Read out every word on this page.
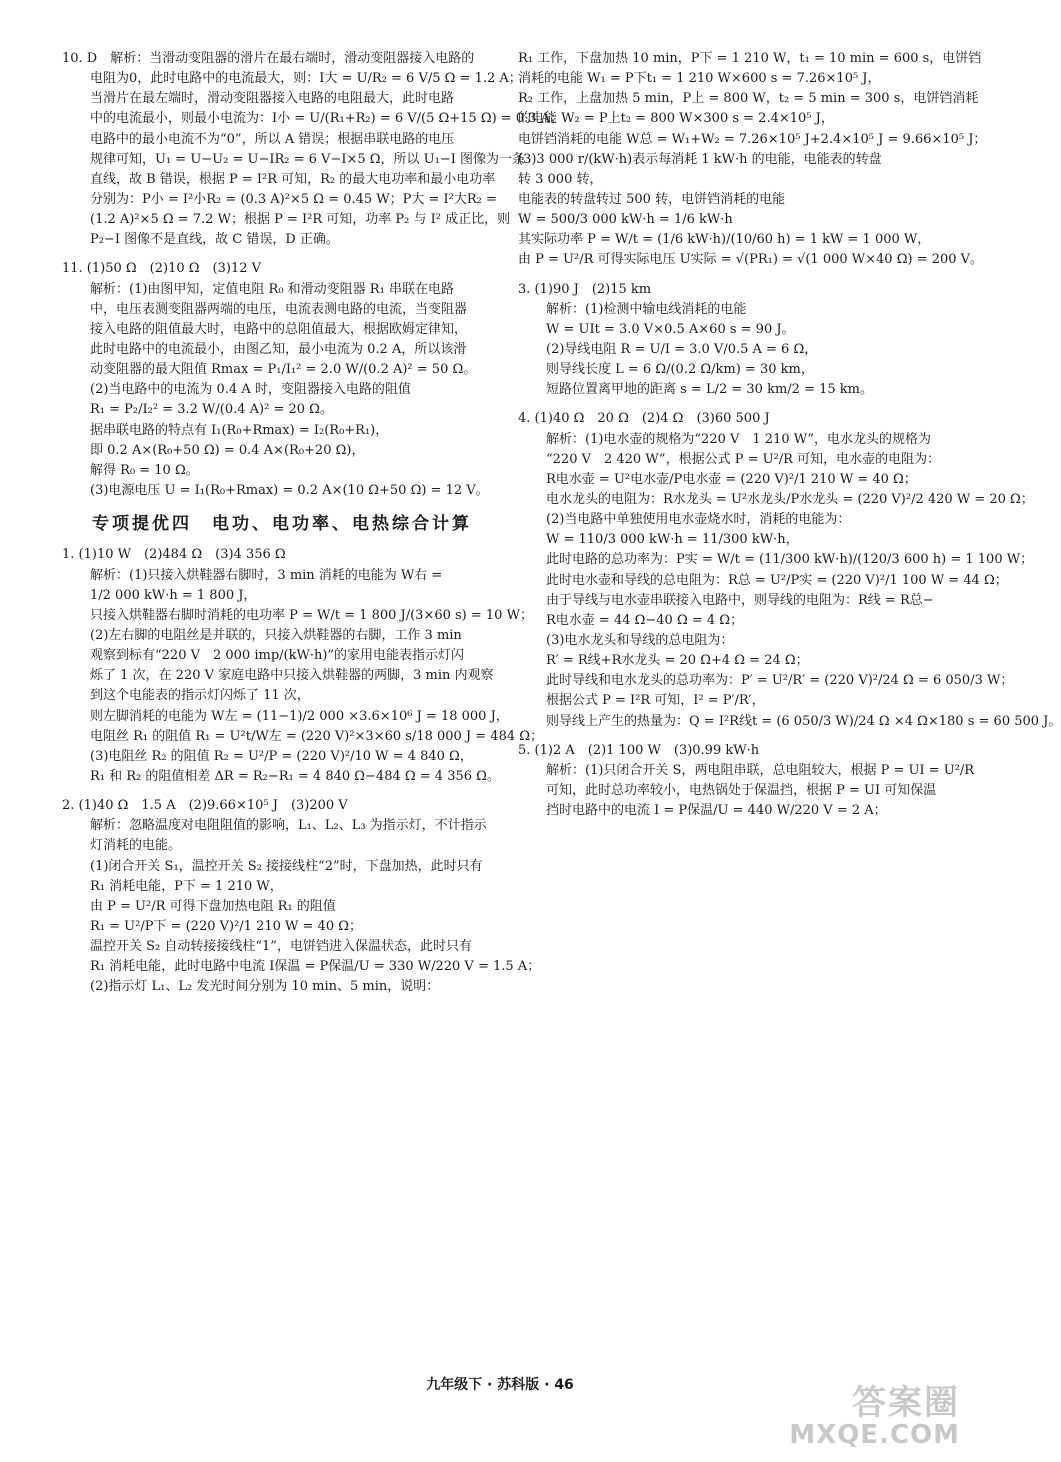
10. D　解析：当滑动变阻器的滑片在最右端时，滑动变阻器接入电路的

电阻为0，此时电路中的电流最大，则：I大 = U/R₂ = 6 V/5 Ω = 1.2 A；

当滑片在最左端时，滑动变阻器接入电路的电阻最大，此时电路

中的电流最小，则最小电流为：I小 = U/(R₁+R₂) = 6 V/(5 Ω+15 Ω) = 0.3 A；

电路中的最小电流不为“0”，所以 A 错误；根据串联电路的电压

规律可知，U₁ = U−U₂ = U−IR₂ = 6 V−I×5 Ω，所以 U₁−I 图像为一条

直线，故 B 错误，根据 P = I²R 可知，R₂ 的最大电功率和最小电功率

分别为：P小 = I²小R₂ = (0.3 A)²×5 Ω = 0.45 W；P大 = I²大R₂ =

(1.2 A)²×5 Ω = 7.2 W；根据 P = I²R 可知，功率 P₂ 与 I² 成正比，则

P₂−I 图像不是直线，故 C 错误，D 正确。

11. (1)50 Ω　(2)10 Ω　(3)12 V

解析：(1)由图甲知，定值电阻 R₀ 和滑动变阻器 R₁ 串联在电路

中，电压表测变阻器两端的电压，电流表测电路的电流，当变阻器

接入电路的阻值最大时，电路中的总阻值最大，根据欧姆定律知，

此时电路中的电流最小，由图乙知，最小电流为 0.2 A，所以该滑

动变阻器的最大阻值 Rmax = P₁/I₁² = 2.0 W/(0.2 A)² = 50 Ω。

(2)当电路中的电流为 0.4 A 时，变阻器接入电路的阻值

R₁ = P₂/I₂² = 3.2 W/(0.4 A)² = 20 Ω。

据串联电路的特点有 I₁(R₀+Rmax) = I₂(R₀+R₁)，

即 0.2 A×(R₀+50 Ω) = 0.4 A×(R₀+20 Ω)，

解得 R₀ = 10 Ω。

(3)电源电压 U = I₁(R₀+Rmax) = 0.2 A×(10 Ω+50 Ω) = 12 V。

专项提优四　电功、电功率、电热综合计算

1. (1)10 W　(2)484 Ω　(3)4 356 Ω

解析：(1)只接入烘鞋器右脚时，3 min 消耗的电能为 W右 =

1/2 000 kW·h = 1 800 J，

只接入烘鞋器右脚时消耗的电功率 P = W/t = 1 800 J/(3×60 s) = 10 W；

(2)左右脚的电阻丝是并联的，只接入烘鞋器的右脚，工作 3 min

观察到标有“220 V　2 000 imp/(kW·h)”的家用电能表指示灯闪

烁了 1 次，在 220 V 家庭电路中只接入烘鞋器的两脚，3 min 内观察

到这个电能表的指示灯闪烁了 11 次，

则左脚消耗的电能为 W左 = (11−1)/2 000 ×3.6×10⁶ J = 18 000 J，

电阻丝 R₁ 的阻值 R₁ = U²t/W左 = (220 V)²×3×60 s/18 000 J = 484 Ω；

(3)电阻丝 R₂ 的阻值 R₂ = U²/P = (220 V)²/10 W = 4 840 Ω，

R₁ 和 R₂ 的阻值相差 ΔR = R₂−R₁ = 4 840 Ω−484 Ω = 4 356 Ω。

2. (1)40 Ω　1.5 A　(2)9.66×10⁵ J　(3)200 V

解析：忽略温度对电阻阻值的影响，L₁、L₂、L₃ 为指示灯，不计指示

灯消耗的电能。

(1)闭合开关 S₁，温控开关 S₂ 接接线柱“2”时，下盘加热，此时只有

R₁ 消耗电能，P下 = 1 210 W，

由 P = U²/R 可得下盘加热电阻 R₁ 的阻值

R₁ = U²/P下 = (220 V)²/1 210 W = 40 Ω；

温控开关 S₂ 自动转接接线柱“1”，电饼铛进入保温状态，此时只有

R₁ 消耗电能，此时电路中电流 I保温 = P保温/U = 330 W/220 V = 1.5 A；

(2)指示灯 L₁、L₂ 发光时间分别为 10 min、5 min，说明：

R₁ 工作，下盘加热 10 min，P下 = 1 210 W，t₁ = 10 min = 600 s，电饼铛

消耗的电能 W₁ = P下t₁ = 1 210 W×600 s = 7.26×10⁵ J，

R₂ 工作，上盘加热 5 min，P上 = 800 W，t₂ = 5 min = 300 s，电饼铛消耗

的电能 W₂ = P上t₂ = 800 W×300 s = 2.4×10⁵ J，

电饼铛消耗的电能 W总 = W₁+W₂ = 7.26×10⁵ J+2.4×10⁵ J = 9.66×10⁵ J；

(3)3 000 r/(kW·h)表示每消耗 1 kW·h 的电能，电能表的转盘

转 3 000 转，

电能表的转盘转过 500 转，电饼铛消耗的电能

W = 500/3 000 kW·h = 1/6 kW·h

其实际功率 P = W/t = (1/6 kW·h)/(10/60 h) = 1 kW = 1 000 W，

由 P = U²/R 可得实际电压 U实际 = √(PR₁) = √(1 000 W×40 Ω) = 200 V。

3. (1)90 J　(2)15 km

解析：(1)检测中输电线消耗的电能

W = UIt = 3.0 V×0.5 A×60 s = 90 J。

(2)导线电阻 R = U/I = 3.0 V/0.5 A = 6 Ω，

则导线长度 L = 6 Ω/(0.2 Ω/km) = 30 km，

短路位置离甲地的距离 s = L/2 = 30 km/2 = 15 km。

4. (1)40 Ω　20 Ω　(2)4 Ω　(3)60 500 J

解析：(1)电水壶的规格为“220 V　1 210 W”，电水龙头的规格为

“220 V　2 420 W”，根据公式 P = U²/R 可知，电水壶的电阻为：

R电水壶 = U²电水壶/P电水壶 = (220 V)²/1 210 W = 40 Ω；

电水龙头的电阻为：R水龙头 = U²水龙头/P水龙头 = (220 V)²/2 420 W = 20 Ω；

(2)当电路中单独使用电水壶烧水时，消耗的电能为：

W = 110/3 000 kW·h = 11/300 kW·h，

此时电路的总功率为：P实 = W/t = (11/300 kW·h)/(120/3 600 h) = 1 100 W；

此时电水壶和导线的总电阻为：R总 = U²/P实 = (220 V)²/1 100 W = 44 Ω；

由于导线与电水壶串联接入电路中，则导线的电阻为：R线 = R总−

R电水壶 = 44 Ω−40 Ω = 4 Ω；

(3)电水龙头和导线的总电阻为：

R′ = R线+R水龙头 = 20 Ω+4 Ω = 24 Ω；

此时导线和电水龙头的总功率为：P′ = U²/R′ = (220 V)²/24 Ω = 6 050/3 W；

根据公式 P = I²R 可知，I² = P′/R′，

则导线上产生的热量为：Q = I²R线t = (6 050/3 W)/24 Ω ×4 Ω×180 s = 60 500 J。

5. (1)2 A　(2)1 100 W　(3)0.99 kW·h

解析：(1)只闭合开关 S，两电阻串联，总电阻较大，根据 P = UI = U²/R

可知，此时总功率较小，电热锅处于保温挡，根据 P = UI 可知保温

挡时电路中的电流 I = P保温/U = 440 W/220 V = 2 A；

九年级下 · 苏科版 · 46	答案圈
MXQE.COM
